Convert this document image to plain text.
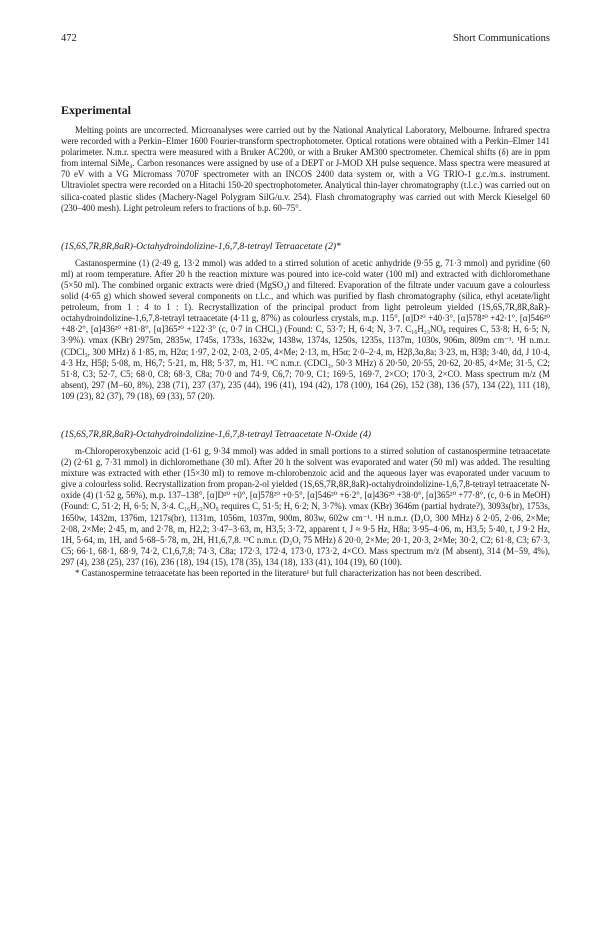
472	Short Communications
Experimental

Melting points are uncorrected. Microanalyses were carried out by the National Analytical Laboratory, Melbourne. Infrared spectra were recorded with a Perkin–Elmer 1600 Fourier-transform spectrophotometer. Optical rotations were obtained with a Perkin–Elmer 141 polarimeter. N.m.r. spectra were measured with a Bruker AC200, or with a Bruker AM300 spectrometer. Chemical shifts (δ) are in ppm from internal SiMe₄. Carbon resonances were assigned by use of a DEPT or J-MOD XH pulse sequence. Mass spectra were measured at 70 eV with a VG Micromass 7070F spectrometer with an INCOS 2400 data system or, with a VG TRIO-1 g.c./m.s. instrument. Ultraviolet spectra were recorded on a Hitachi 150-20 spectrophotometer. Analytical thin-layer chromatography (t.l.c.) was carried out on silica-coated plastic slides (Machery-Nagel Polygram SilG/u.v. 254). Flash chromatography was carried out with Merck Kieselgel 60 (230–400 mesh). Light petroleum refers to fractions of b.p. 60–75°.

(1S,6S,7R,8R,8aR)-Octahydroindolizine-1,6,7,8-tetrayl Tetraacetate (2)*

Castanospermine (1) (2·49 g, 13·2 mmol) was added to a stirred solution of acetic anhydride (9·55 g, 71·3 mmol) and pyridine (60 ml) at room temperature. After 20 h the reaction mixture was poured into ice-cold water (100 ml) and extracted with dichloromethane (5×50 ml). The combined organic extracts were dried (MgSO₄) and filtered. Evaporation of the filtrate under vacuum gave a colourless solid (4·65 g) which showed several components on t.l.c., and which was purified by flash chromatography (silica, ethyl acetate/light petroleum, from 1 : 4 to 1 : 1). Recrystallization of the principal product from light petroleum yielded (1S,6S,7R,8R,8aR)-octahydroindolizine-1,6,7,8-tetrayl tetraacetate (4·11 g, 87%) as colourless crystals, m.p. 115°, [α]D²⁰ +40·3°, [α]578²⁰ +42·1°, [α]546²⁰ +48·2°, [α]436²⁰ +81·8°, [α]365²⁰ +122·3° (c, 0·7 in CHCl₃) (Found: C, 53·7; H, 6·4; N, 3·7. C₁₆H₂₃NO₈ requires C, 53·8; H, 6·5; N, 3·9%). νmax (KBr) 2975m, 2835w, 1745s, 1733s, 1632w, 1438w, 1374s, 1250s, 1235s, 1137m, 1030s, 906m, 809m cm⁻¹. ¹H n.m.r. (CDCl₃, 300 MHz) δ 1·85, m, H2α; 1·97, 2·02, 2·03, 2·05, 4×Me; 2·13, m, H5α; 2·0–2·4, m, H2β,3α,8a; 3·23, m, H3β; 3·40, dd, J 10·4, 4·3 Hz, H5β; 5·08, m, H6,7; 5·21, m, H8; 5·37, m, H1. ¹³C n.m.r. (CDCl₃, 50·3 MHz) δ 20·50, 20·55, 20·62, 20·85, 4×Me; 31·5, C2; 51·8, C3; 52·7, C5; 68·0, C8; 68·3, C8a; 70·0 and 74·9, C6,7; 70·9, C1; 169·5, 169·7, 2×CO; 170·3, 2×CO. Mass spectrum m/z (M absent), 297 (M−60, 8%), 238 (71), 237 (37), 235 (44), 196 (41), 194 (42), 178 (100), 164 (26), 152 (38), 136 (57), 134 (22), 111 (18), 109 (23), 82 (37), 79 (18), 69 (33), 57 (20).

(1S,6S,7R,8R,8aR)-Octahydroindolizine-1,6,7,8-tetrayl Tetraacetate N-Oxide (4)

m-Chloroperoxybenzoic acid (1·61 g, 9·34 mmol) was added in small portions to a stirred solution of castanospermine tetraacetate (2) (2·61 g, 7·31 mmol) in dichloromethane (30 ml). After 20 h the solvent was evaporated and water (50 ml) was added. The resulting mixture was extracted with ether (15×30 ml) to remove m-chlorobenzoic acid and the aqueous layer was evaporated under vacuum to give a colourless solid. Recrystallization from propan-2-ol yielded (1S,6S,7R,8R,8aR)-octahydroindolizine-1,6,7,8-tetrayl tetraacetate N-oxide (4) (1·52 g, 56%), m.p. 137–138°, [α]D²⁰ +0°, [α]578²⁰ +0·5°, [α]546²⁰ +6·2°, [α]436²⁰ +38·0°, [α]365²⁰ +77·8°, (c, 0·6 in MeOH) (Found: C, 51·2; H, 6·5; N, 3·4. C₁₆H₂₃NO₉ requires C, 51·5; H, 6·2; N, 3·7%). νmax (KBr) 3646m (partial hydrate?), 3093s(br), 1753s, 1650w, 1432m, 1376m, 1217s(br), 1131m, 1056m, 1037m, 900m, 803w, 602w cm⁻¹. ¹H n.m.r. (D₂O, 300 MHz) δ 2·05, 2·06, 2×Me; 2·08, 2×Me; 2·45, m, and 2·78, m, H2,2; 3·47–3·63, m, H3,5; 3·72, apparent t, J ≈ 9·5 Hz, H8a; 3·95–4·06, m, H3,5; 5·40, t, J 9·2 Hz, 1H, 5·64, m, 1H, and 5·68–5·78, m, 2H, H1,6,7,8. ¹³C n.m.r. (D₂O, 75 MHz) δ 20·0, 2×Me; 20·1, 20·3, 2×Me; 30·2, C2; 61·8, C3; 67·3, C5; 66·1, 68·1, 68·9, 74·2, C1,6,7,8; 74·3, C8a; 172·3, 172·4, 173·0, 173·2, 4×CO. Mass spectrum m/z (M absent), 314 (M−59, 4%), 297 (4), 238 (25), 237 (16), 236 (18), 194 (15), 178 (35), 134 (18), 133 (41), 104 (19), 60 (100).

* Castanospermine tetraacetate has been reported in the literature¹ but full characterization has not been described.
